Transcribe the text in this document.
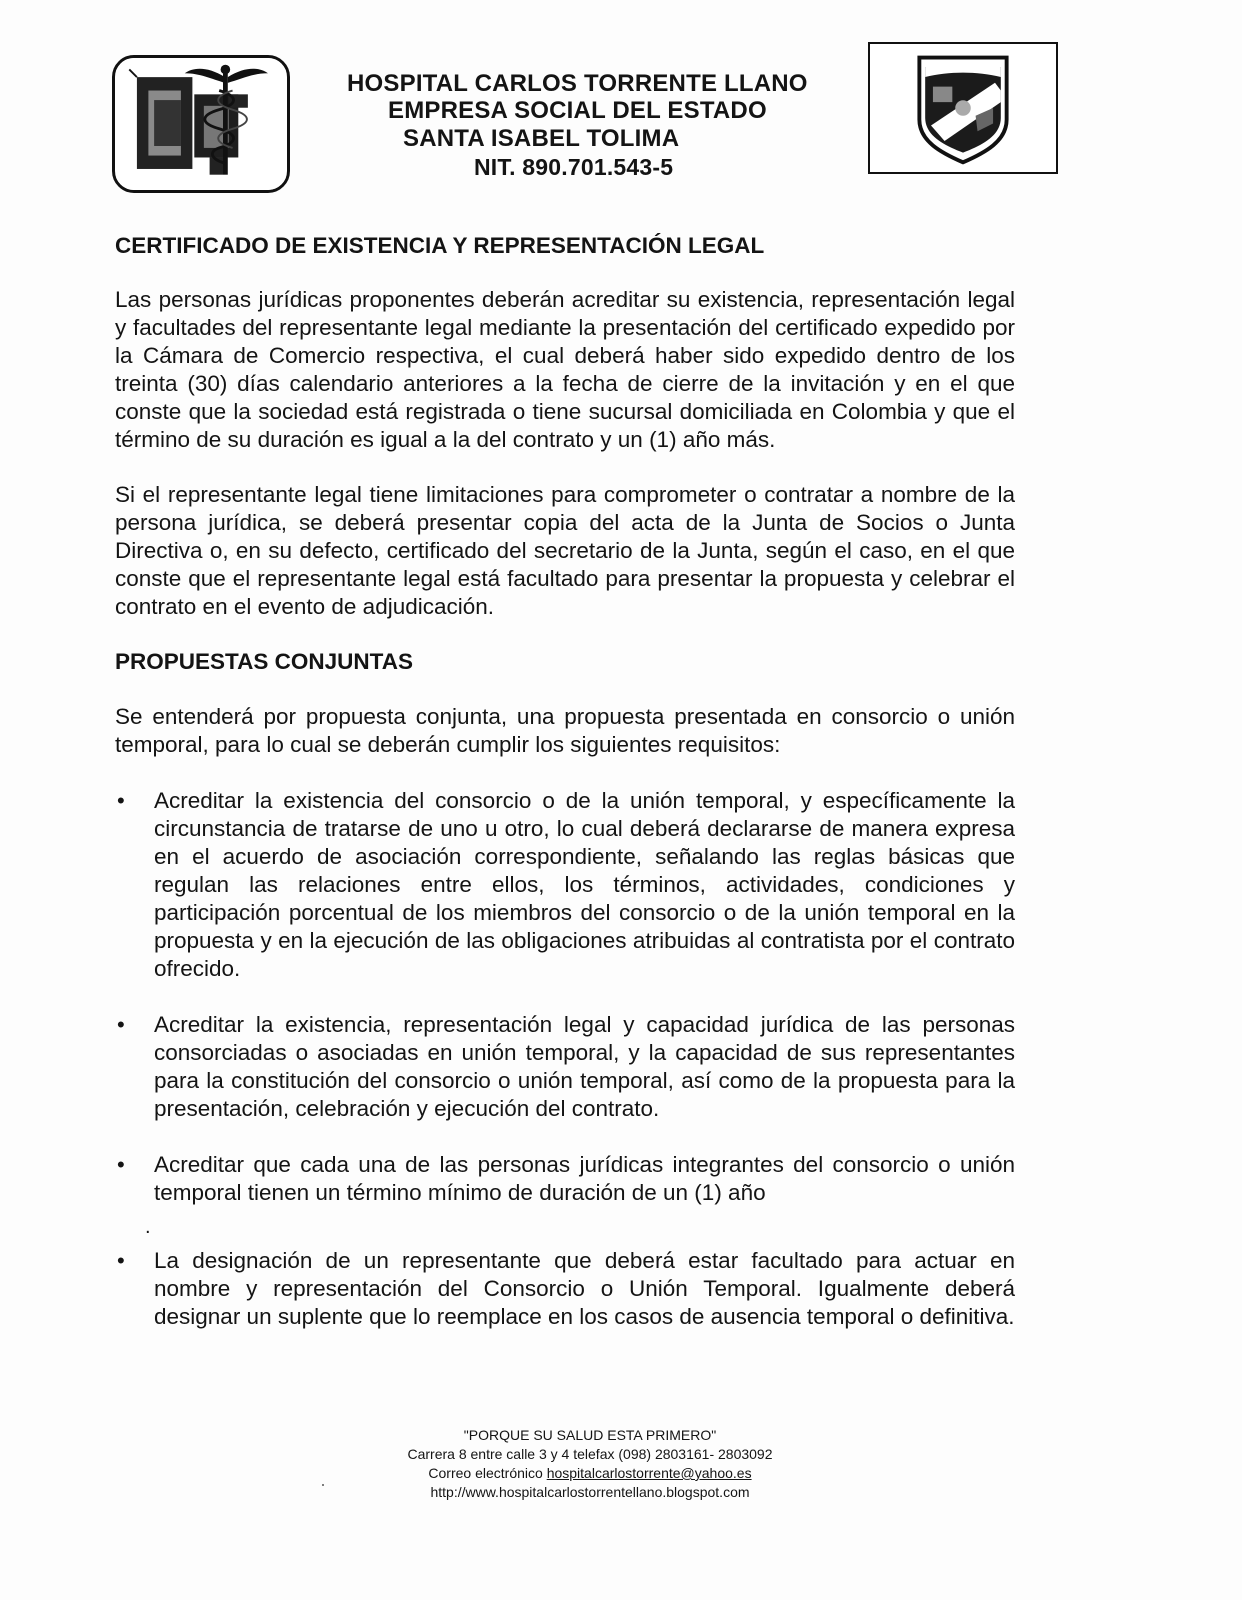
HOSPITAL CARLOS TORRENTE LLANO
EMPRESA SOCIAL DEL ESTADO
SANTA ISABEL TOLIMA
NIT. 890.701.543-5
CERTIFICADO DE EXISTENCIA Y REPRESENTACIÓN LEGAL

Las personas jurídicas proponentes deberán acreditar su existencia, representación legal y facultades del representante legal mediante la presentación del certificado expedido por la Cámara de Comercio respectiva, el cual deberá haber sido expedido dentro de los treinta (30) días calendario anteriores a la fecha de cierre de la invitación y en el que conste que la sociedad está registrada o tiene sucursal domiciliada en Colombia y que el término de su duración es igual a la del contrato y un (1) año más.

Si el representante legal tiene limitaciones para comprometer o contratar a nombre de la persona jurídica, se deberá presentar copia del acta de la Junta de Socios o Junta Directiva o, en su defecto, certificado del secretario de la Junta, según el caso, en el que conste que el representante legal está facultado para presentar la propuesta y celebrar el contrato en el evento de adjudicación.

PROPUESTAS CONJUNTAS

Se entenderá por propuesta conjunta, una propuesta presentada en consorcio o unión temporal, para lo cual se deberán cumplir los siguientes requisitos:

• Acreditar la existencia del consorcio o de la unión temporal, y específicamente la circunstancia de tratarse de uno u otro, lo cual deberá declararse de manera expresa en el acuerdo de asociación correspondiente, señalando las reglas básicas que regulan las relaciones entre ellos, los términos, actividades, condiciones y participación porcentual de los miembros del consorcio o de la unión temporal en la propuesta y en la ejecución de las obligaciones atribuidas al contratista por el contrato ofrecido.

• Acreditar la existencia, representación legal y capacidad jurídica de las personas consorciadas o asociadas en unión temporal, y la capacidad de sus representantes para la constitución del consorcio o unión temporal, así como de la propuesta para la presentación, celebración y ejecución del contrato.

• Acreditar que cada una de las personas jurídicas integrantes del consorcio o unión temporal tienen un término mínimo de duración de un (1) año

.
• La designación de un representante que deberá estar facultado para actuar en nombre y representación del Consorcio o Unión Temporal. Igualmente deberá designar un suplente que lo reemplace en los casos de ausencia temporal o definitiva.

"PORQUE SU SALUD ESTA PRIMERO"
Carrera 8 entre calle 3 y 4 telefax (098) 2803161- 2803092
Correo electrónico hospitalcarlostorrente@yahoo.es
http://www.hospitalcarlostorrentellano.blogspot.com
